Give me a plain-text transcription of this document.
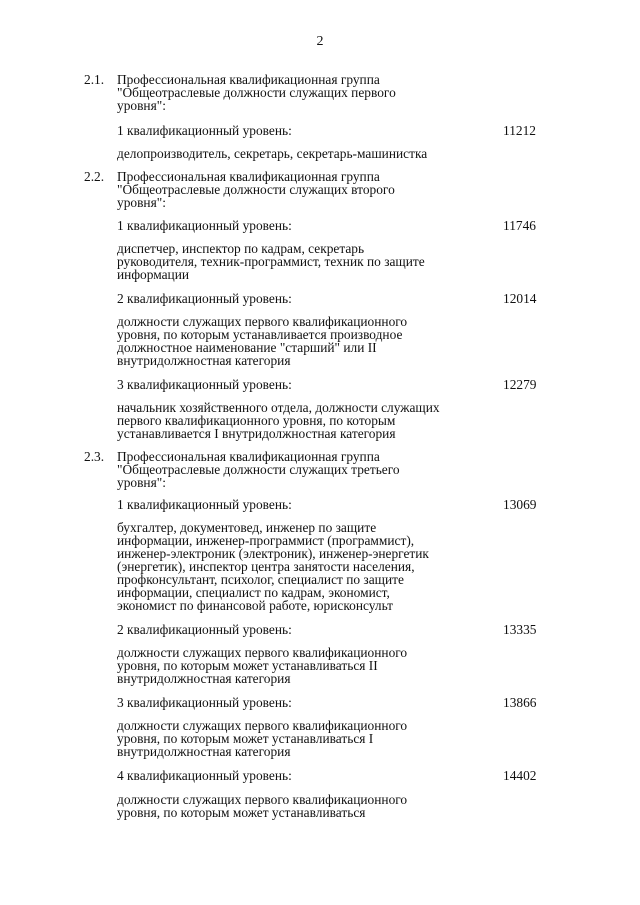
2
2.1. Профессиональная квалификационная группа
"Общеотраслевые должности служащих первого
уровня":
1 квалификационный уровень:	11212
делопроизводитель, секретарь, секретарь-машинистка
2.2. Профессиональная квалификационная группа
"Общеотраслевые должности служащих второго
уровня":
1 квалификационный уровень:	11746
диспетчер, инспектор по кадрам, секретарь
руководителя, техник-программист, техник по защите
информации
2 квалификационный уровень:	12014
должности служащих первого квалификационного
уровня, по которым устанавливается производное
должностное наименование "старший" или II
внутридолжностная категория
3 квалификационный уровень:	12279
начальник хозяйственного отдела, должности служащих
первого квалификационного уровня, по которым
устанавливается I внутридолжностная категория
2.3. Профессиональная квалификационная группа
"Общеотраслевые должности служащих третьего
уровня":
1 квалификационный уровень:	13069
бухгалтер, документовед, инженер по защите
информации, инженер-программист (программист),
инженер-электроник (электроник), инженер-энергетик
(энергетик), инспектор центра занятости населения,
профконсультант, психолог, специалист по защите
информации, специалист по кадрам, экономист,
экономист по финансовой работе, юрисконсульт
2 квалификационный уровень:	13335
должности служащих первого квалификационного
уровня, по которым может устанавливаться II
внутридолжностная категория
3 квалификационный уровень:	13866
должности служащих первого квалификационного
уровня, по которым может устанавливаться I
внутридолжностная категория
4 квалификационный уровень:	14402
должности служащих первого квалификационного
уровня, по которым может устанавливаться
